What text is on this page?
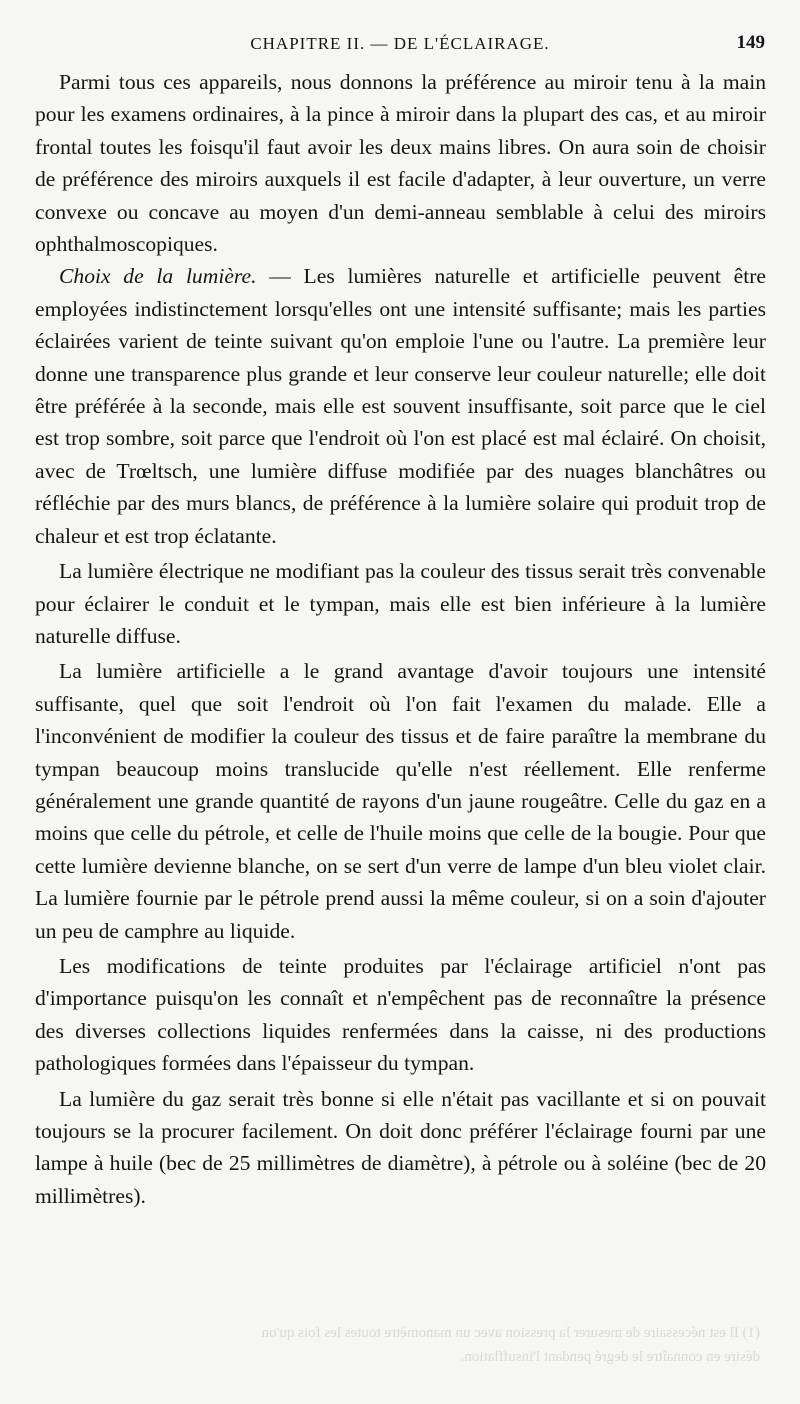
(1) Il est nécessaire de mesurer la pression avec un manomètre toutes les fois qu'on
désire en connaître le degré pendant l'insufflation.
CHAPITRE II. — DE L'ÉCLAIRAGE.	149

Parmi tous ces appareils, nous donnons la préférence au miroir tenu à la main pour les examens ordinaires, à la pince à miroir dans la plupart des cas, et au miroir frontal toutes les foisqu'il faut avoir les deux mains libres. On aura soin de choisir de préférence des miroirs auxquels il est facile d'adapter, à leur ouverture, un verre convexe ou concave au moyen d'un demi-anneau semblable à celui des miroirs ophthalmoscopiques.

Choix de la lumière. — Les lumières naturelle et artificielle peuvent être employées indistinctement lorsqu'elles ont une intensité suffisante; mais les parties éclairées varient de teinte suivant qu'on emploie l'une ou l'autre. La première leur donne une transparence plus grande et leur conserve leur couleur naturelle; elle doit être préférée à la seconde, mais elle est souvent insuffisante, soit parce que le ciel est trop sombre, soit parce que l'endroit où l'on est placé est mal éclairé. On choisit, avec de Trœltsch, une lumière diffuse modifiée par des nuages blanchâtres ou réfléchie par des murs blancs, de préférence à la lumière solaire qui produit trop de chaleur et est trop éclatante.

La lumière électrique ne modifiant pas la couleur des tissus serait très convenable pour éclairer le conduit et le tympan, mais elle est bien inférieure à la lumière naturelle diffuse.

La lumière artificielle a le grand avantage d'avoir toujours une intensité suffisante, quel que soit l'endroit où l'on fait l'examen du malade. Elle a l'inconvénient de modifier la couleur des tissus et de faire paraître la membrane du tympan beaucoup moins translucide qu'elle n'est réellement. Elle renferme généralement une grande quantité de rayons d'un jaune rougeâtre. Celle du gaz en a moins que celle du pétrole, et celle de l'huile moins que celle de la bougie. Pour que cette lumière devienne blanche, on se sert d'un verre de lampe d'un bleu violet clair. La lumière fournie par le pétrole prend aussi la même couleur, si on a soin d'ajouter un peu de camphre au liquide.

Les modifications de teinte produites par l'éclairage artificiel n'ont pas d'importance puisqu'on les connaît et n'empêchent pas de reconnaître la présence des diverses collections liquides renfermées dans la caisse, ni des productions pathologiques formées dans l'épaisseur du tympan.

La lumière du gaz serait très bonne si elle n'était pas vacillante et si on pouvait toujours se la procurer facilement. On doit donc préférer l'éclairage fourni par une lampe à huile (bec de 25 millimètres de diamètre), à pétrole ou à soléine (bec de 20 millimètres).
